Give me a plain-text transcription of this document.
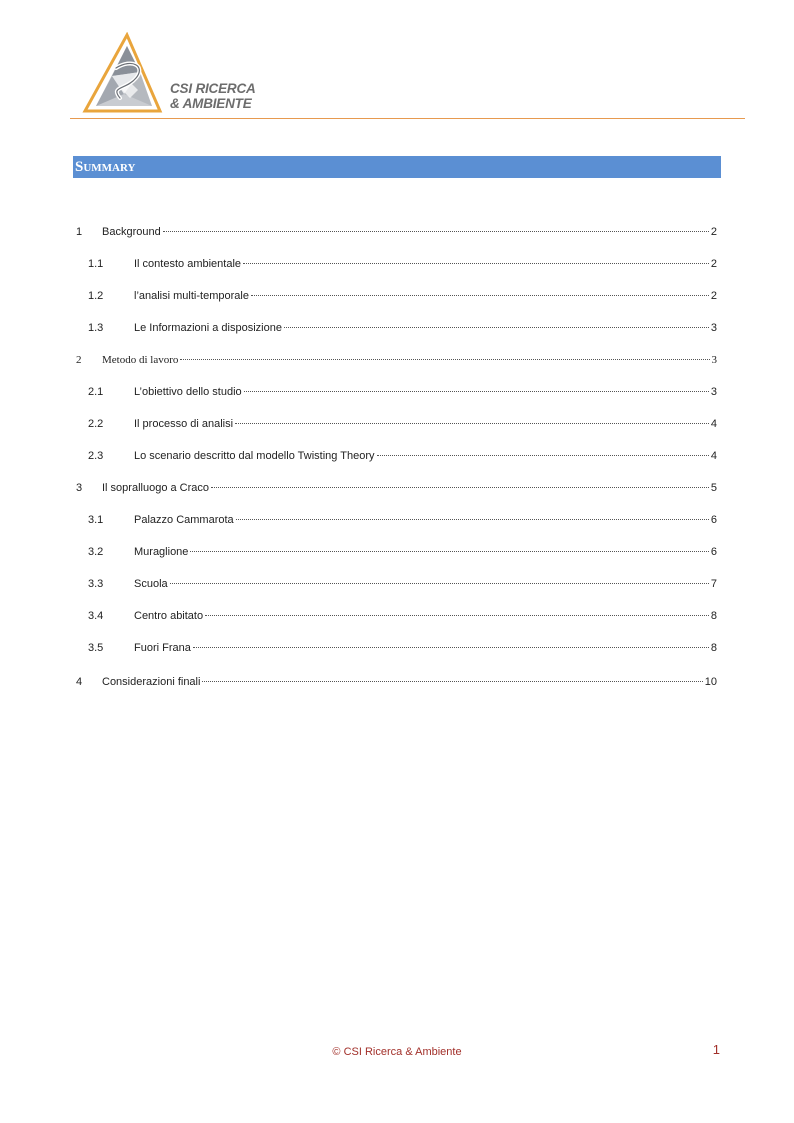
CSI RICERCA
& AMBIENTE
Summary
1 Background	2
1.1	Il contesto ambientale	2
1.2	l’analisi multi-temporale	2
1.3	Le Informazioni a disposizione	3
2 Metodo di lavoro	3
2.1	L’obiettivo dello studio	3
2.2	Il processo di analisi	4
2.3	Lo scenario descritto dal modello Twisting Theory	4
3 Il sopralluogo a Craco	5
3.1	Palazzo Cammarota	6
3.2	Muraglione	6
3.3	Scuola	7
3.4	Centro abitato	8
3.5	Fuori Frana	8
4 Considerazioni finali	10
© CSI Ricerca & Ambiente	1
